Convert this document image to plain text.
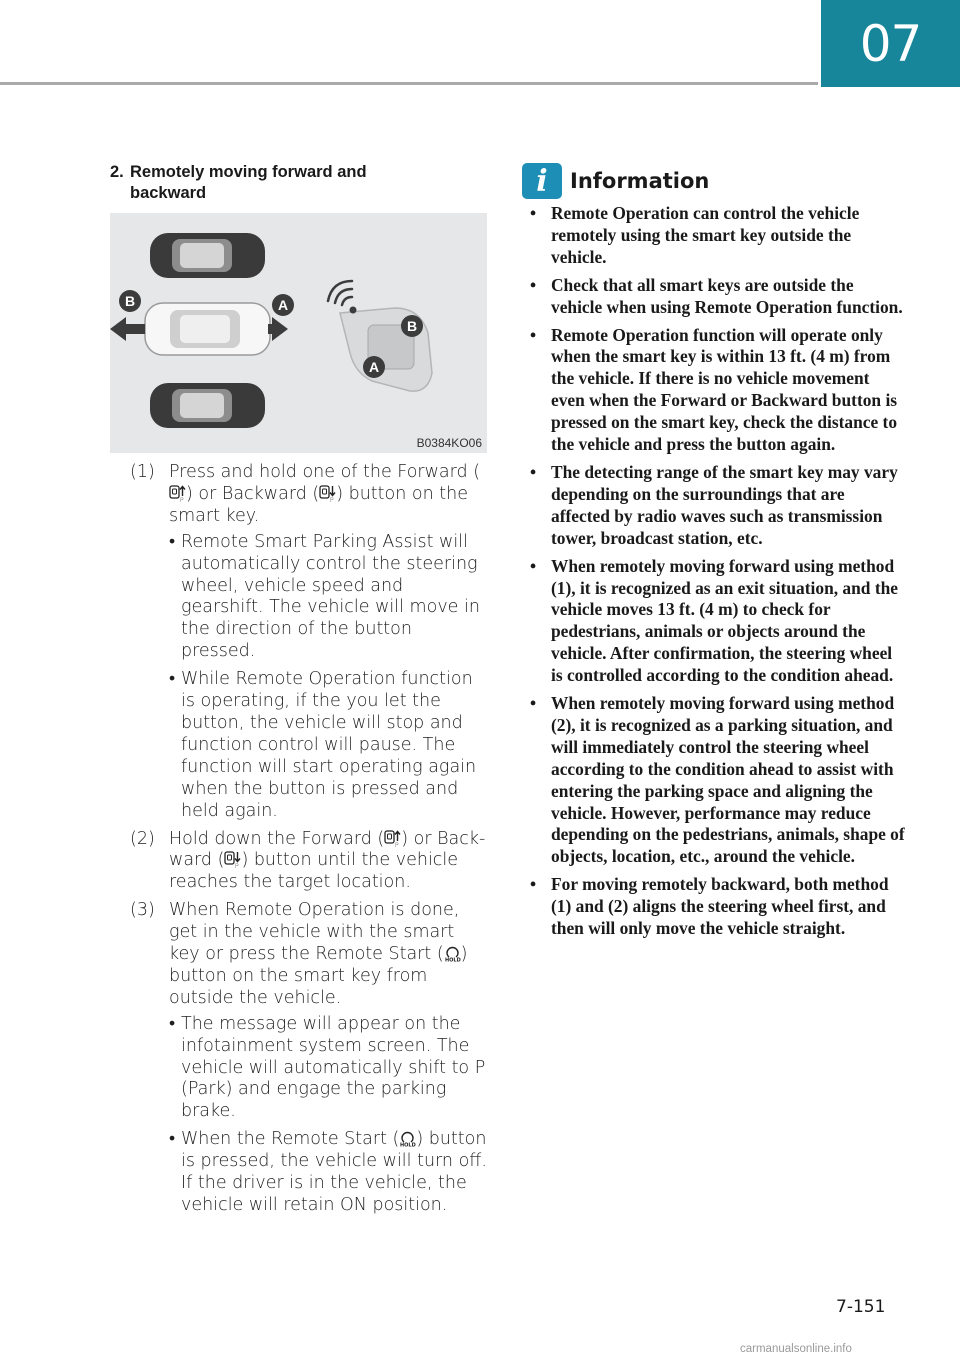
07
2. Remotely moving forward and
backward
B	A
B
A
B0384KO06
(1) Press and hold one of the Forward (
P ) or Backward ( P ) button on the smart key.
• Remote Smart Parking Assist will automatically control the steering wheel, vehicle speed and gearshift. The vehicle will move in the direction of the button pressed.
• While Remote Operation function is operating, if the you let the button, the vehicle will stop and function control will pause. The function will start operating again when the button is pressed and held again.
(2) Hold down the Forward ( P ) or Back-ward ( P ) button until the vehicle reaches the target location.
(3) When Remote Operation is done, get in the vehicle with the smart key or press the Remote Start ( HOLD ) button on the smart key from outside the vehicle.
• The message will appear on the infotainment system screen. The vehicle will automatically shift to P (Park) and engage the parking brake.
• When the Remote Start ( HOLD ) button is pressed, the vehicle will turn off. If the driver is in the vehicle, the vehicle will retain ON position.
i	Information
• Remote Operation can control the vehicle remotely using the smart key outside the vehicle.
• Check that all smart keys are outside the vehicle when using Remote Operation function.
• Remote Operation function will operate only when the smart key is within 13 ft. (4 m) from the vehicle. If there is no vehicle movement even when the Forward or Backward button is pressed on the smart key, check the distance to the vehicle and press the button again.
• The detecting range of the smart key may vary depending on the surroundings that are affected by radio waves such as transmission tower, broadcast station, etc.
• When remotely moving forward using method (1), it is recognized as an exit situation, and the vehicle moves 13 ft. (4 m) to check for pedestrians, animals or objects around the vehicle. After confirmation, the steering wheel is controlled according to the condition ahead.
• When remotely moving forward using method (2), it is recognized as a parking situation, and will immediately control the steering wheel according to the condition ahead to assist with entering the parking space and aligning the vehicle. However, performance may reduce depending on the pedestrians, animals, shape of objects, location, etc., around the vehicle.
• For moving remotely backward, both method (1) and (2) aligns the steering wheel first, and then will only move the vehicle straight.
7-151
carmanualsonline.info
